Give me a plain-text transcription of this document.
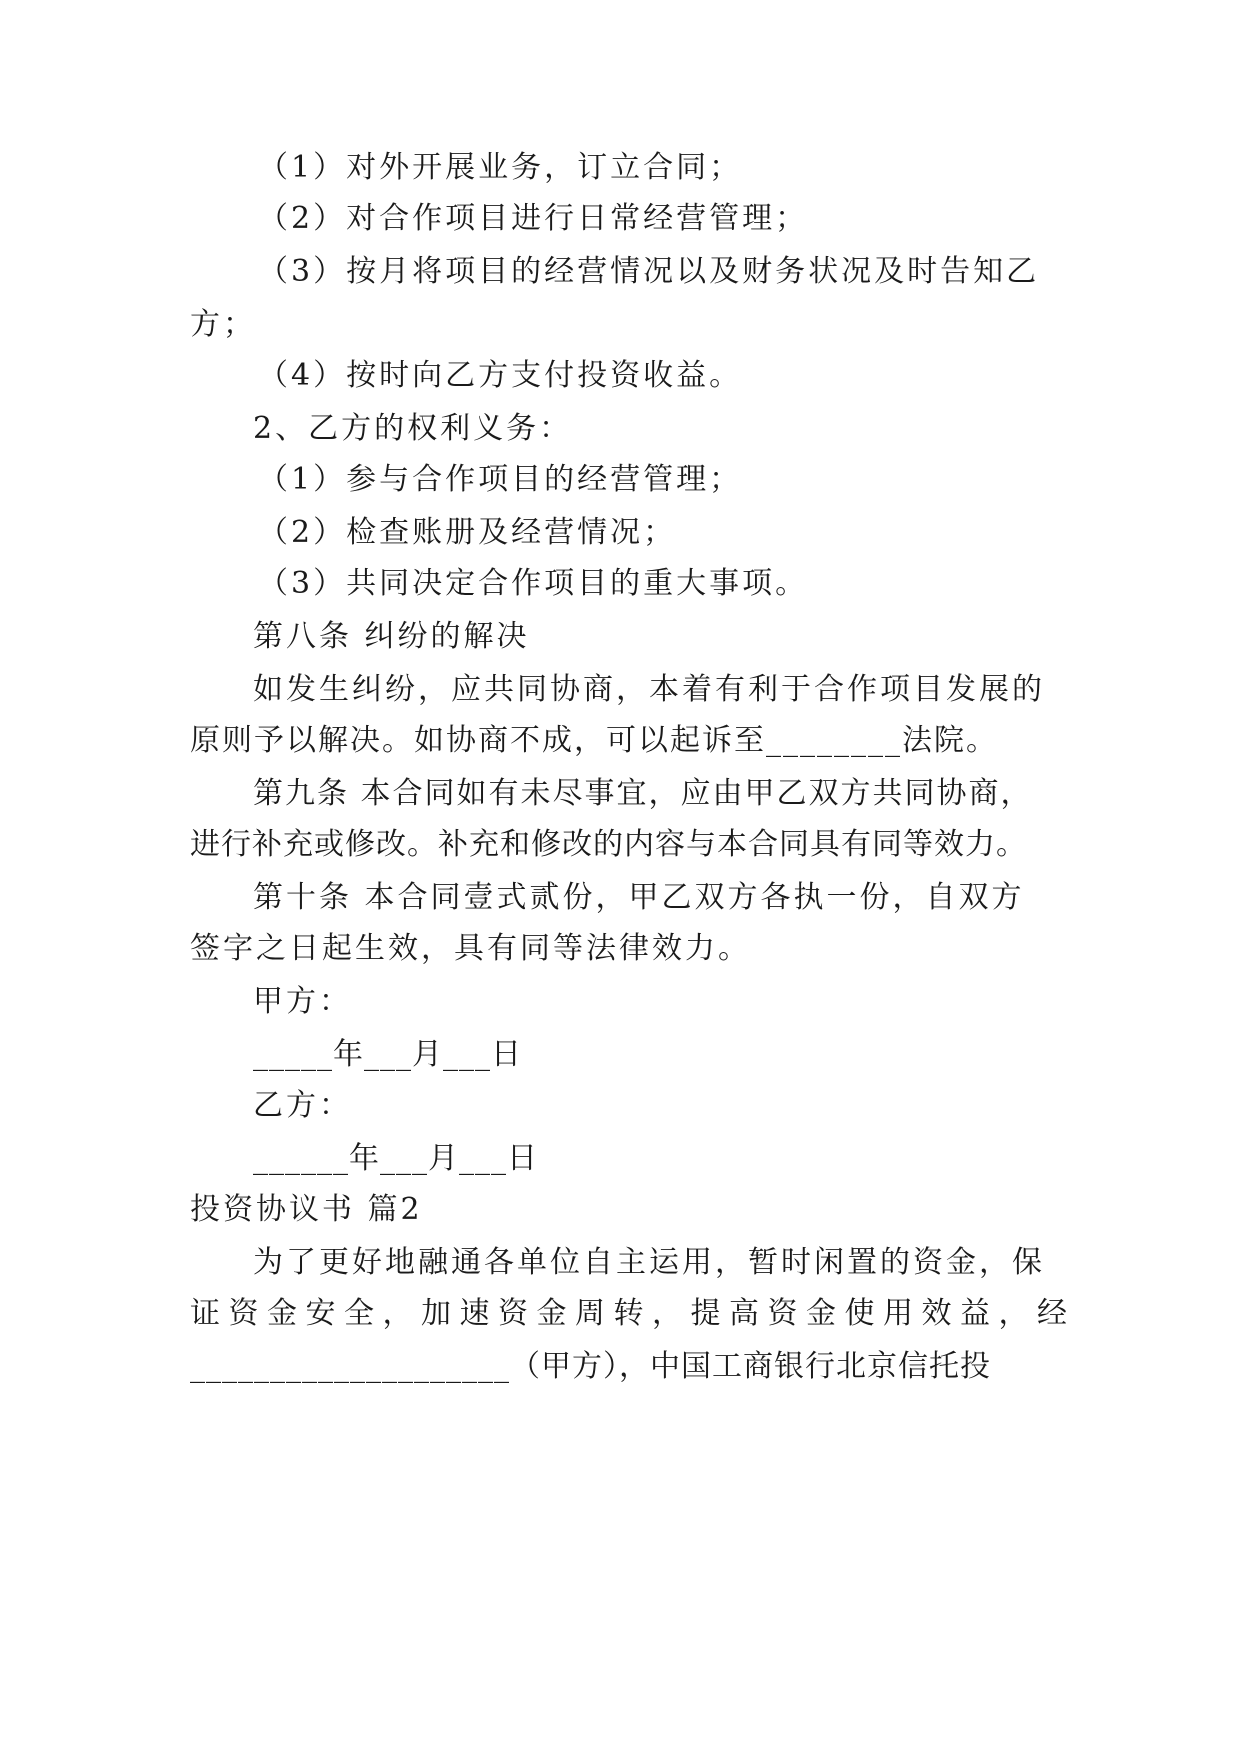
（1）对外开展业务，订立合同；
（2）对合作项目进行日常经营管理；
（3）按月将项目的经营情况以及财务状况及时告知乙
方；
（4）按时向乙方支付投资收益。
2、乙方的权利义务：
（1）参与合作项目的经营管理；
（2）检查账册及经营情况；
（3）共同决定合作项目的重大事项。
第八条 纠纷的解决
如发生纠纷，应共同协商，本着有利于合作项目发展的
原则予以解决。如协商不成，可以起诉至________法院。
第九条 本合同如有未尽事宜，应由甲乙双方共同协商，
进行补充或修改。补充和修改的内容与本合同具有同等效力。
第十条 本合同壹式贰份，甲乙双方各执一份，自双方
签字之日起生效，具有同等法律效力。
甲方：
_____年___月___日
乙方：
______年___月___日
投资协议书 篇2
为了更好地融通各单位自主运用，暂时闲置的资金，保
证资金安全，加速资金周转，提高资金使用效益，经
____________________（甲方），中国工商银行北京信托投
